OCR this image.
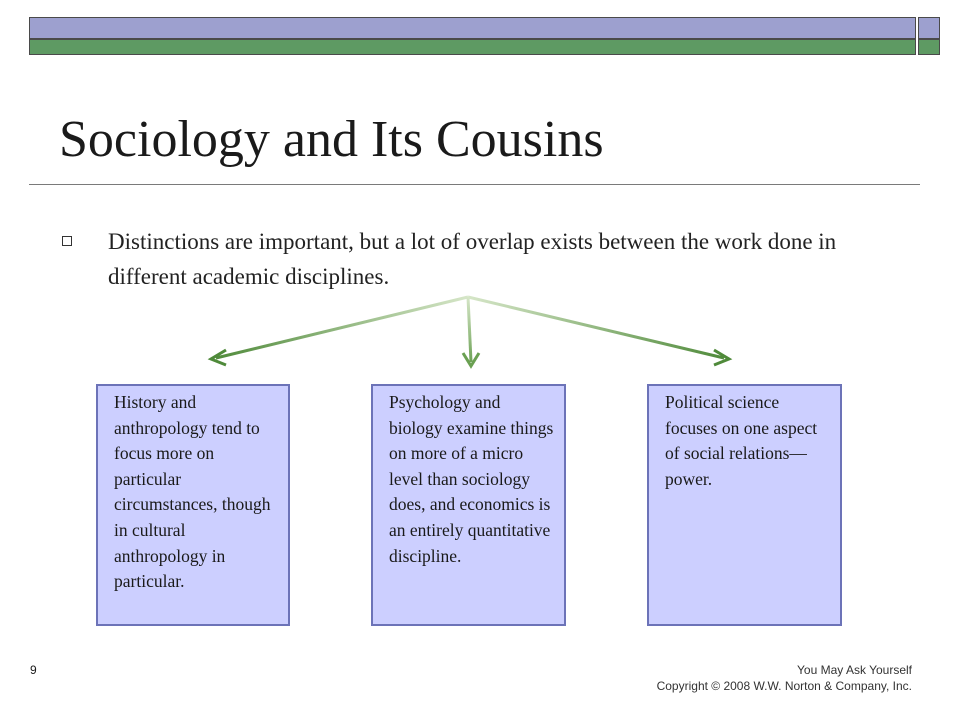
Sociology and Its Cousins
Distinctions are important, but a lot of overlap exists between the work done in different academic disciplines.
History and anthropology tend to focus more on particular circumstances, though in cultural anthropology in particular.
Psychology and biology examine things on more of a micro level than sociology does, and economics is an entirely quantitative discipline.
Political science focuses on one aspect of social relations—power.
9	You May Ask Yourself
Copyright © 2008 W.W. Norton & Company, Inc.
